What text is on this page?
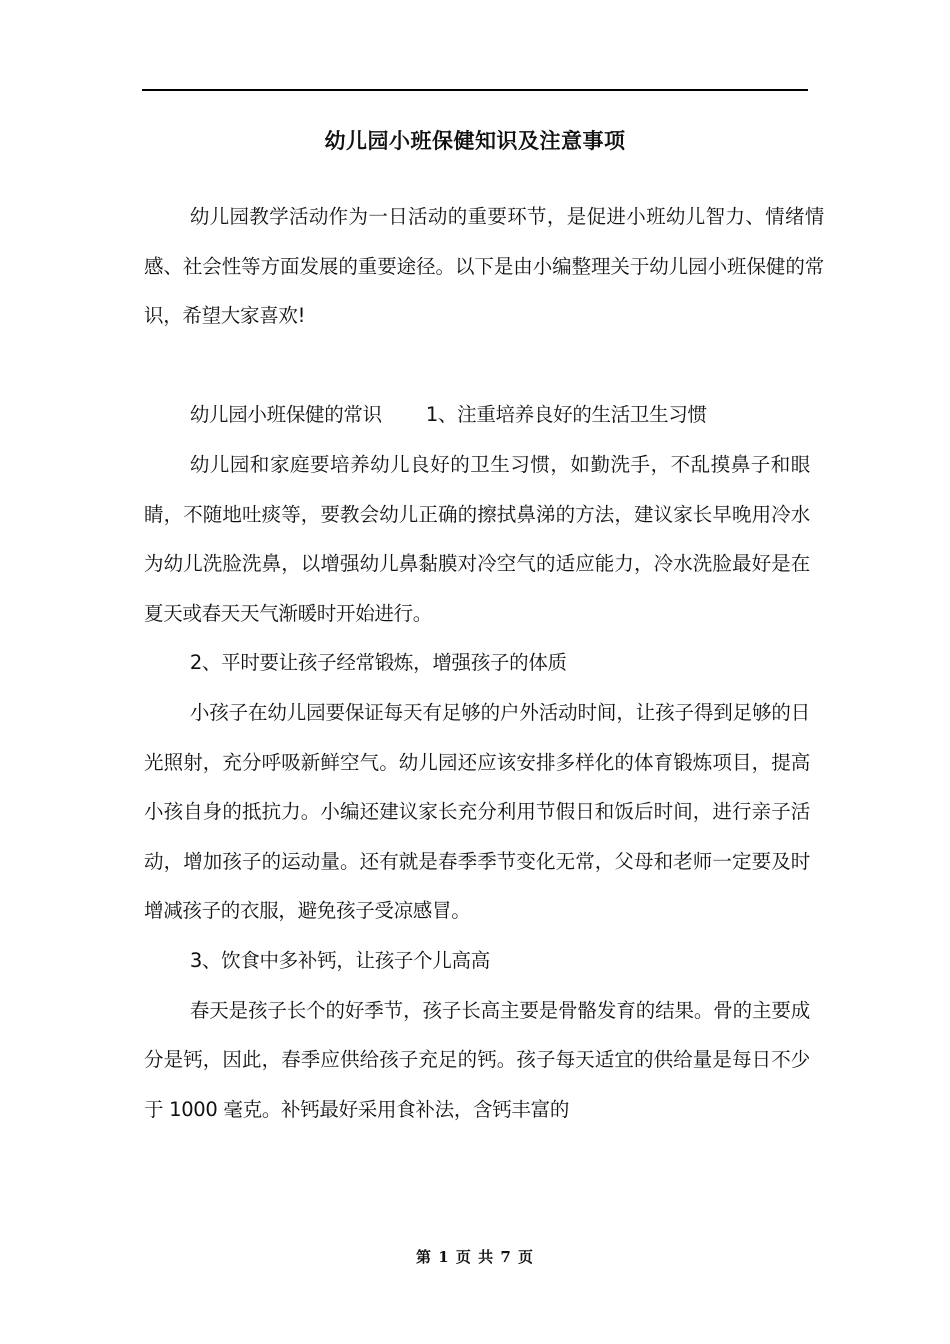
幼儿园小班保健知识及注意事项

幼儿园教学活动作为一日活动的重要环节，是促进小班幼儿智力、情绪情感、社会性等方面发展的重要途径。以下是由小编整理关于幼儿园小班保健的常识，希望大家喜欢!

幼儿园小班保健的常识 1、注重培养良好的生活卫生习惯

幼儿园和家庭要培养幼儿良好的卫生习惯，如勤洗手，不乱摸鼻子和眼睛，不随地吐痰等，要教会幼儿正确的擦拭鼻涕的方法，建议家长早晚用冷水为幼儿洗脸洗鼻，以增强幼儿鼻黏膜对冷空气的适应能力，冷水洗脸最好是在夏天或春天天气渐暖时开始进行。

2、平时要让孩子经常锻炼，增强孩子的体质

小孩子在幼儿园要保证每天有足够的户外活动时间，让孩子得到足够的日光照射，充分呼吸新鲜空气。幼儿园还应该安排多样化的体育锻炼项目，提高小孩自身的抵抗力。小编还建议家长充分利用节假日和饭后时间，进行亲子活动，增加孩子的运动量。还有就是春季季节变化无常，父母和老师一定要及时增减孩子的衣服，避免孩子受凉感冒。

3、饮食中多补钙，让孩子个儿高高

春天是孩子长个的好季节，孩子长高主要是骨骼发育的结果。骨的主要成分是钙，因此，春季应供给孩子充足的钙。孩子每天适宜的供给量是每日不少于 1000 毫克。补钙最好采用食补法，含钙丰富的

第 1 页 共 7 页
